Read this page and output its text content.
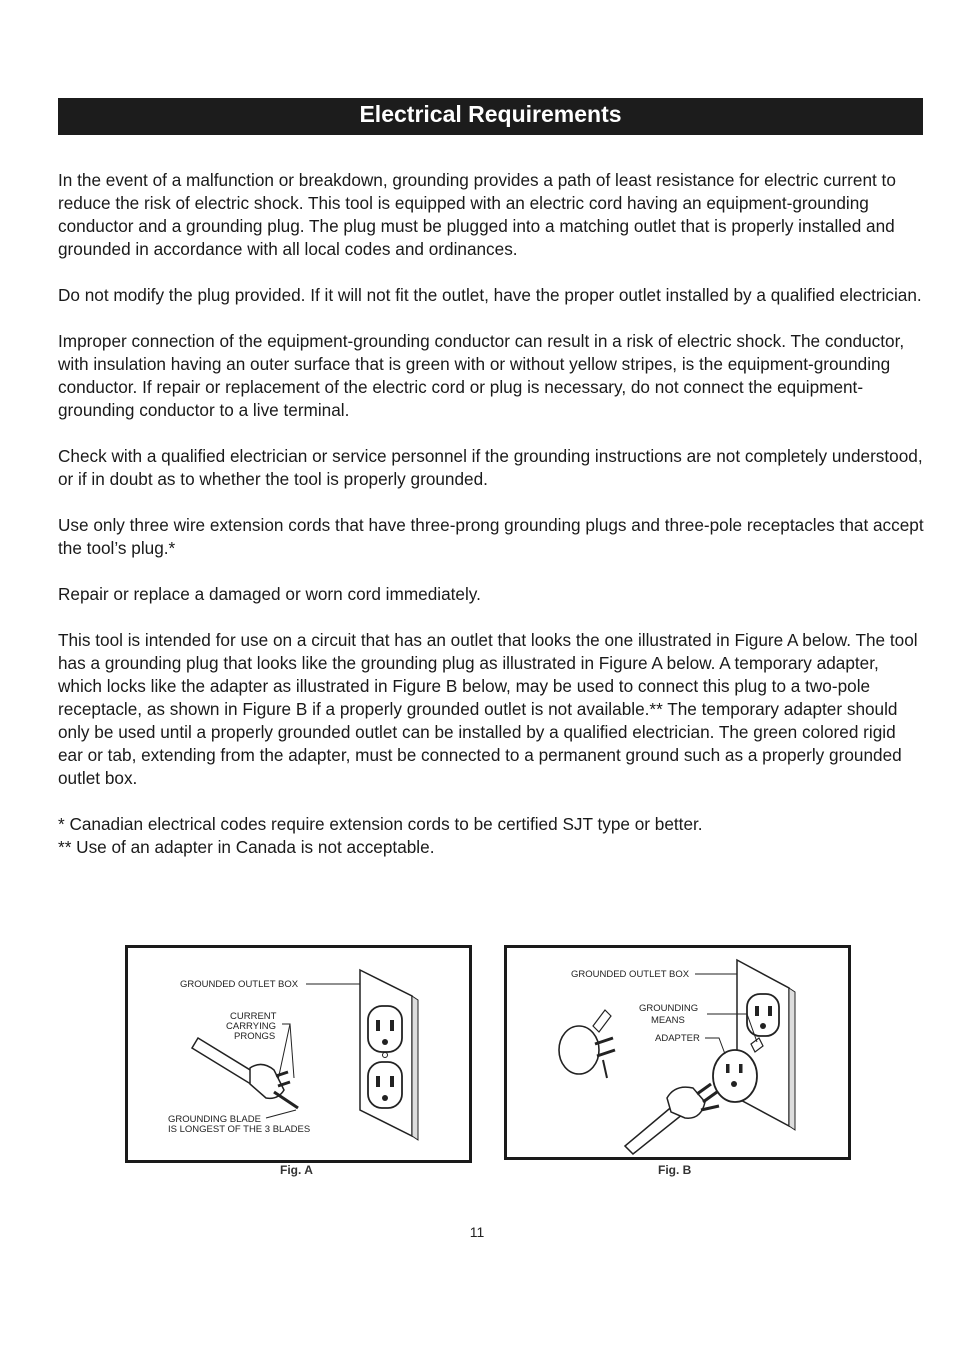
Electrical Requirements

In the event of a malfunction or breakdown, grounding provides a path of least resistance for electric current to reduce the risk of electric shock. This tool is equipped with an electric cord having an equipment-grounding conductor and a grounding plug. The plug must be plugged into a matching outlet that is properly installed and grounded in accordance with all local codes and ordinances.

Do not modify the plug provided. If it will not fit the outlet, have the proper outlet installed by a qualified electrician.

Improper connection of the equipment-grounding conductor can result in a risk of electric shock. The conductor, with insulation having an outer surface that is green with or without yellow stripes, is the equipment-grounding conductor. If repair or replacement of the electric cord or plug is necessary, do not connect the equipment-grounding conductor to a live terminal.

Check with a qualified electrician or service personnel if the grounding instructions are not completely understood, or if in doubt as to whether the tool is properly grounded.

Use only three wire extension cords that have three-prong grounding plugs and three-pole receptacles that accept the tool’s plug.*

Repair or replace a damaged or worn cord immediately.

This tool is intended for use on a circuit that has an outlet that looks the one illustrated in Figure A below. The tool has a grounding plug that looks like the grounding plug as illustrated in Figure A below. A temporary adapter, which locks like the adapter as illustrated in Figure B below, may be used to connect this plug to a two-pole receptacle, as shown in Figure B if a properly grounded outlet is not available.** The temporary adapter should only be used until a properly grounded outlet can be installed by a qualified electrician. The green colored rigid ear or tab, extending from the adapter, must be connected to a permanent ground such as a properly grounded outlet box.

* Canadian electrical codes require extension cords to be certified SJT type or better.

** Use of an adapter in Canada is not acceptable.

GROUNDED OUTLET BOX
CURRENT
CARRYING
PRONGS
GROUNDING BLADE
IS LONGEST OF THE 3 BLADES
Fig. A
GROUNDED OUTLET BOX
GROUNDING
MEANS
ADAPTER
Fig. B
11
